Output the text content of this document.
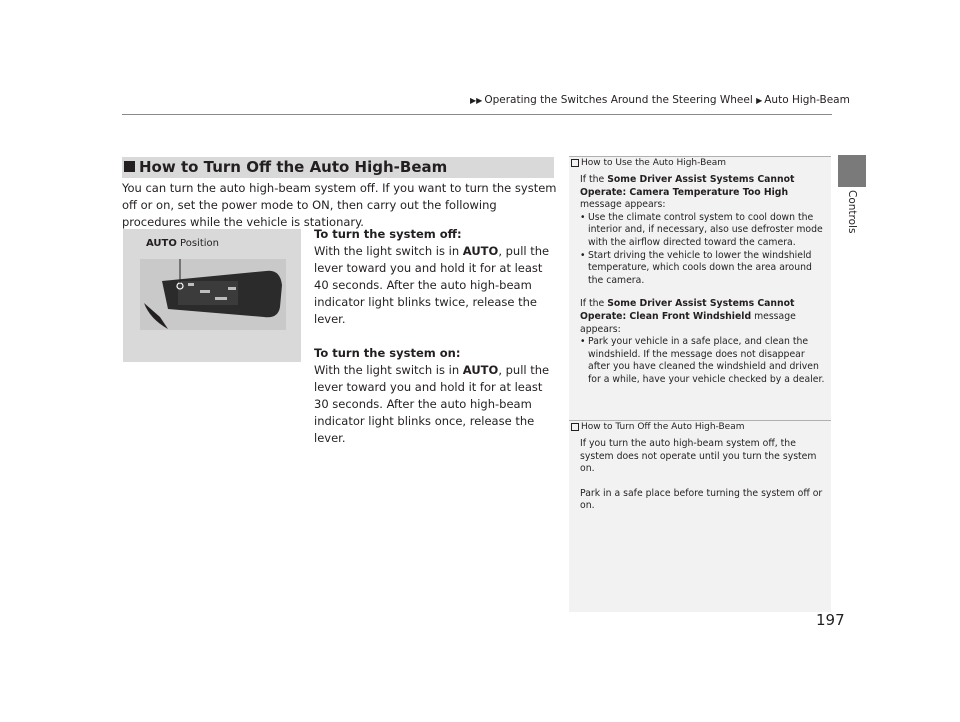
▶▶ Operating the Switches Around the Steering Wheel ▶ Auto High-Beam
Controls
How to Turn Off the Auto High-Beam
You can turn the auto high-beam system off. If you want to turn the system off or on, set the power mode to ON, then carry out the following procedures while the vehicle is stationary.
AUTO Position

To turn the system off:

With the light switch is in AUTO, pull the lever toward you and hold it for at least 40 seconds. After the auto high-beam indicator light blinks twice, release the lever.

To turn the system on:

With the light switch is in AUTO, pull the lever toward you and hold it for at least 30 seconds. After the auto high-beam indicator light blinks once, release the lever.

How to Use the Auto High-Beam

If the Some Driver Assist Systems Cannot Operate: Camera Temperature Too High message appears:

• Use the climate control system to cool down the interior and, if necessary, also use defroster mode with the airflow directed toward the camera.
• Start driving the vehicle to lower the windshield temperature, which cools down the area around the camera.

If the Some Driver Assist Systems Cannot Operate: Clean Front Windshield message appears:

• Park your vehicle in a safe place, and clean the windshield. If the message does not disappear after you have cleaned the windshield and driven for a while, have your vehicle checked by a dealer.
How to Turn Off the Auto High-Beam

If you turn the auto high-beam system off, the system does not operate until you turn the system on.

Park in a safe place before turning the system off or on.

197
